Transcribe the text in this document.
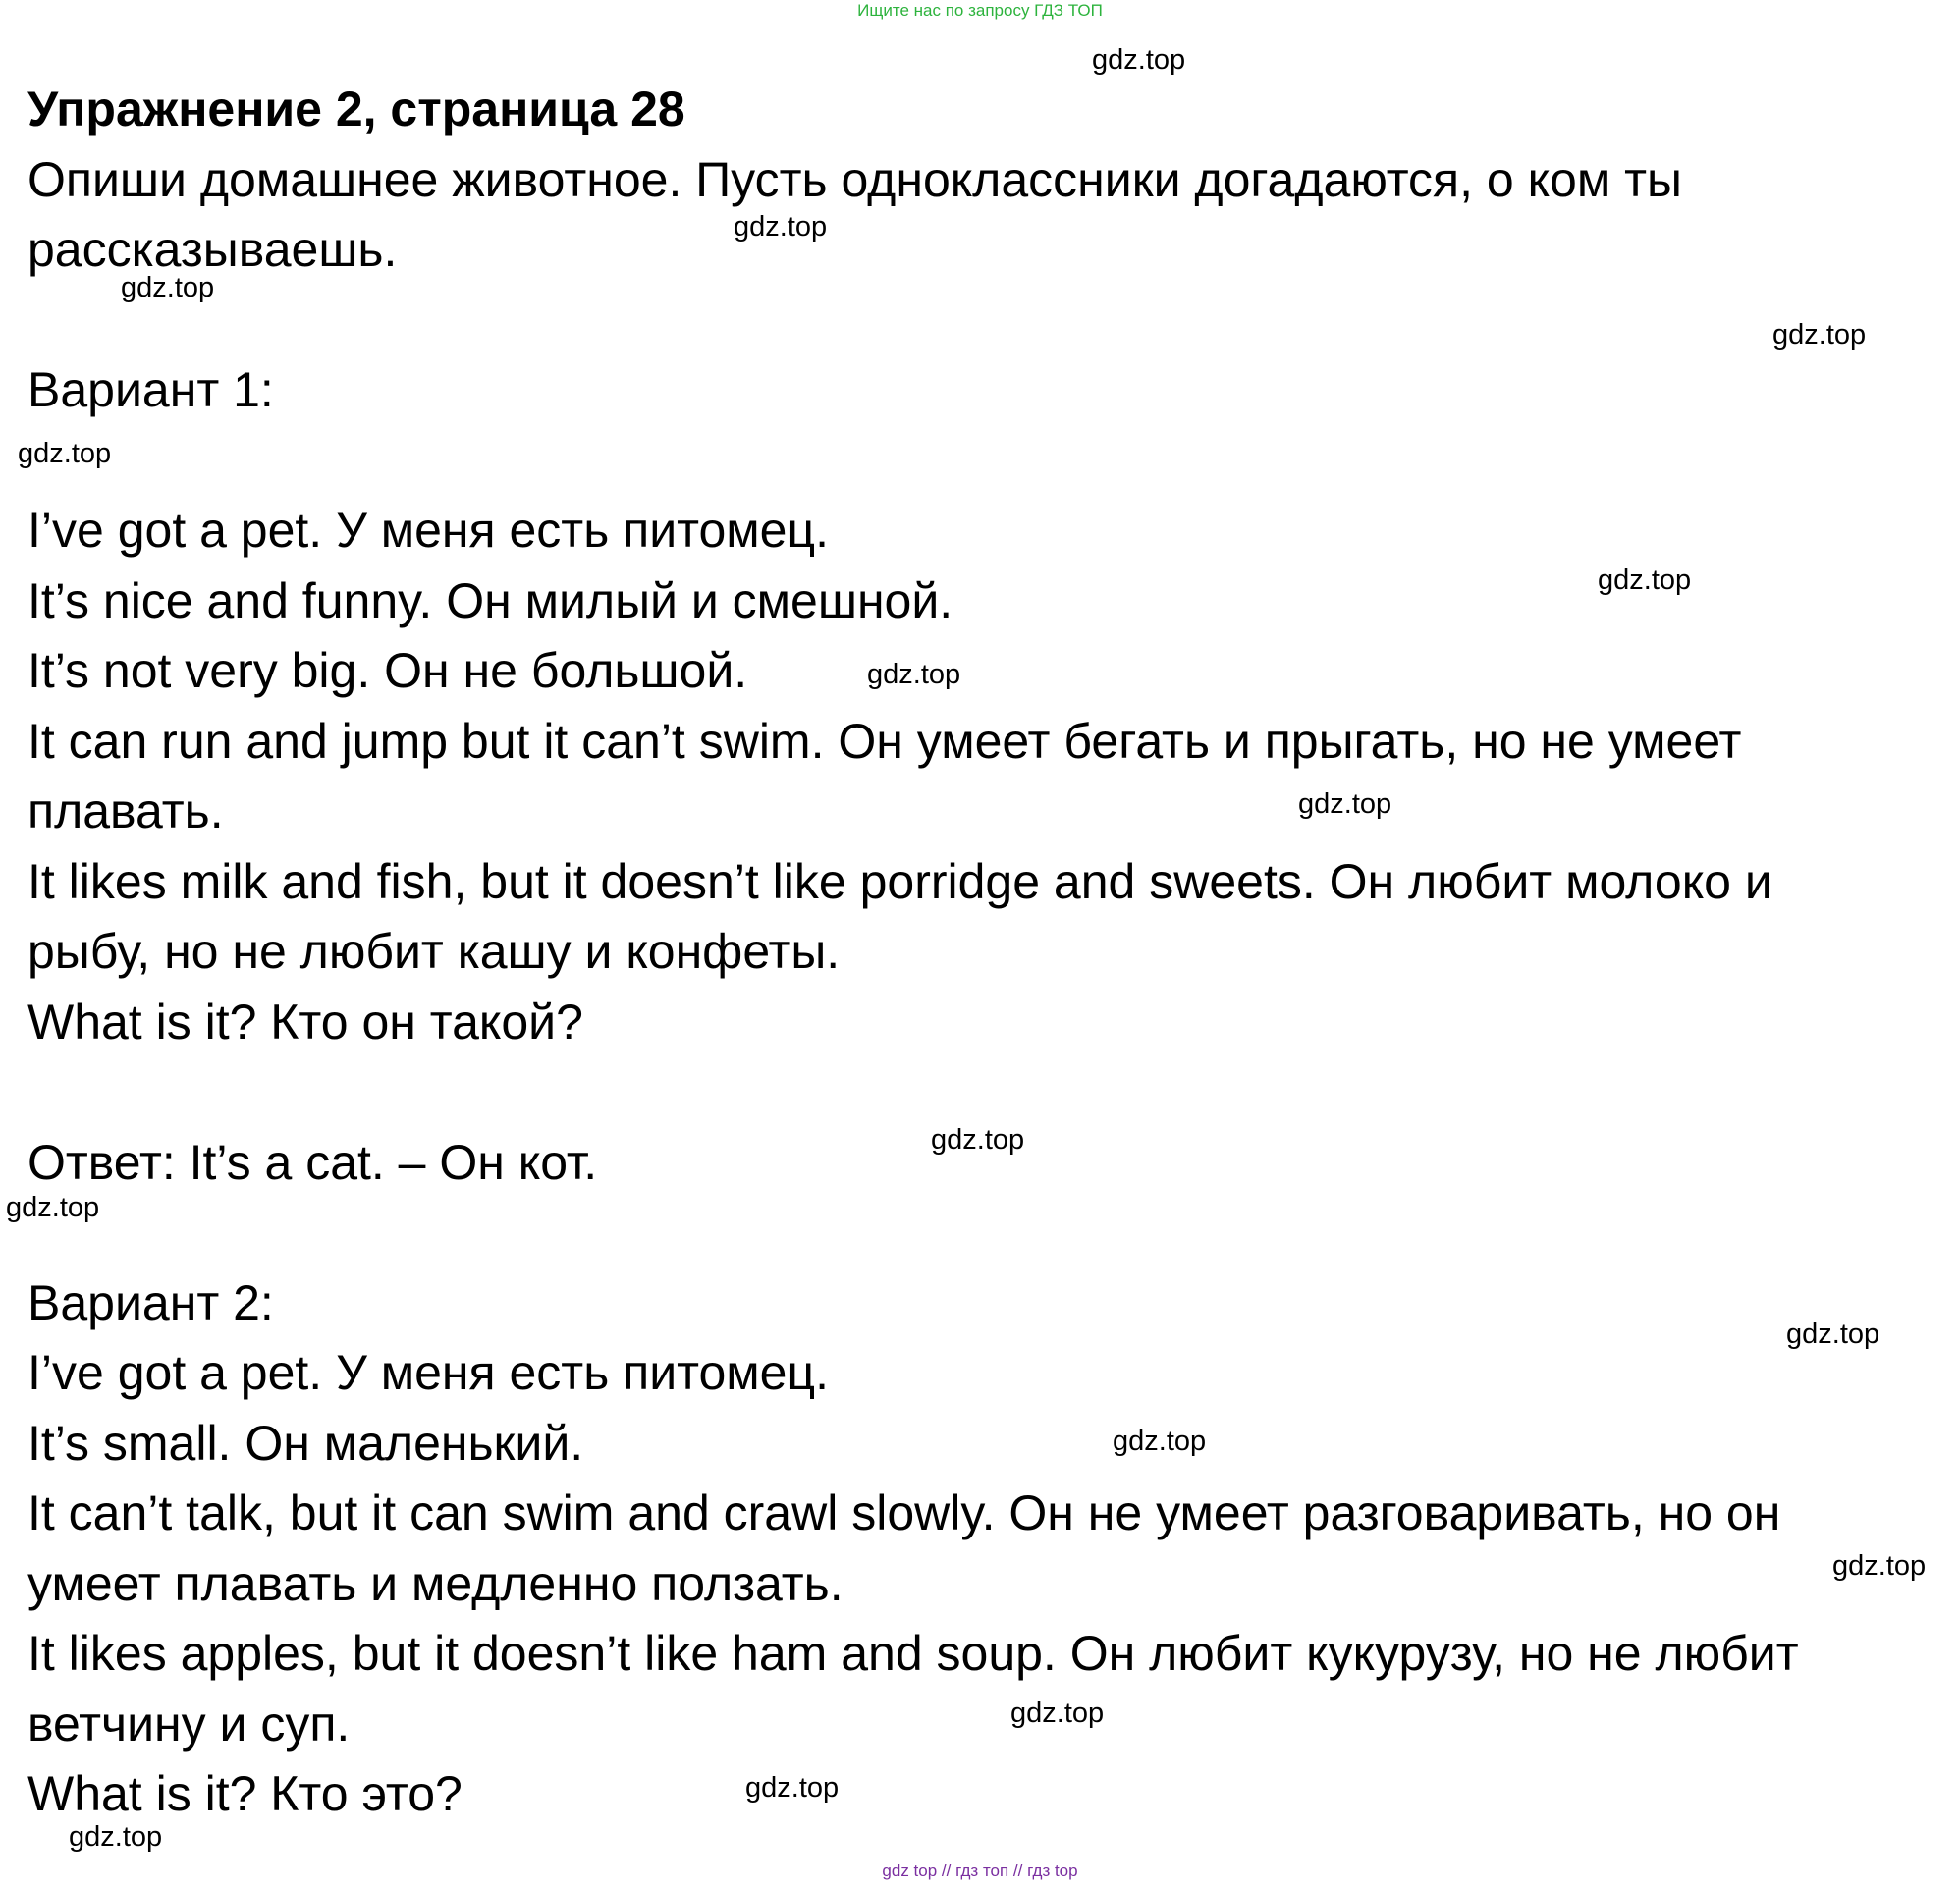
Ищите нас по запросу ГДЗ ТОП

Упражнение 2, страница 28

Опиши домашнее животное. Пусть одноклассники догадаются, о ком ты

рассказываешь.

Вариант 1:

I’ve got a pet. У меня есть питомец.

It’s nice and funny. Он милый и смешной.

It’s not very big. Он не большой.

It can run and jump but it can’t swim. Он умеет бегать и прыгать, но не умеет

плавать.

It likes milk and fish, but it doesn’t like porridge and sweets. Он любит молоко и

рыбу, но не любит кашу и конфеты.

What is it? Кто он такой?

Ответ: It’s a cat. – Он кот.

Вариант 2:

I’ve got a pet. У меня есть питомец.

It’s small. Он маленький.

It can’t talk, but it can swim and crawl slowly. Он не умеет разговаривать, но он

умеет плавать и медленно ползать.

It likes apples, but it doesn’t like ham and soup. Он любит кукурузу, но не любит

ветчину и суп.

What is it? Кто это?

gdz.top
gdz.top
gdz.top
gdz.top
gdz.top
gdz.top
gdz.top
gdz.top
gdz.top
gdz.top
gdz.top
gdz.top
gdz.top
gdz.top
gdz.top
gdz.top
gdz top // гдз топ // гдз top
